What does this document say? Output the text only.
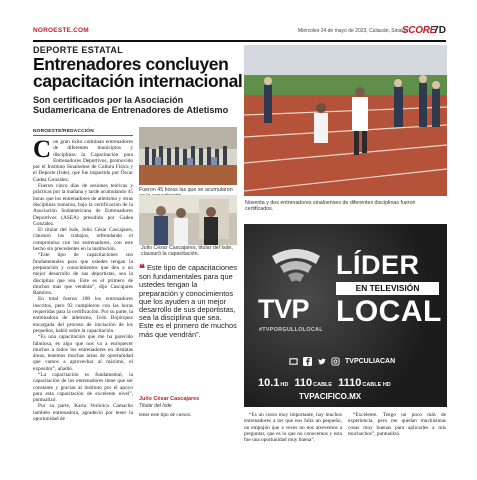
NOROESTE.COM	Miércoles 24 de mayo de 2023, Culiacán, Sinaloa
SCORE
7D
DEPORTE ESTATAL
Entrenadores concluyen capacitación internacional
Son certificados por la Asociación Sudamericana de Entrenadores de Atletismo
NOROESTE/REDACCIÓN
C on gran éxito culminan entrenadores de diferentes municipios y disciplinas la Capacitación para Entrenadores Deportivos, promovido por el Instituto Sinaloense de Cultura Física y el Deporte (Isde), que fue impartido por Óscar Gadea González.

Fueron cinco días de sesiones teóricas y prácticas por la mañana y tarde acumulando 45 horas que los entrenadores de atletismo y otras disciplinas tomaron, bajo la certificación de la Asociación Sudamericana de Entrenadores Deportivos (ASEA) presidida por Gadea González.

El titular del Isde, Julio César Cascajares, clausuró los trabajos, refrendando el compromiso con los entrenadores, con este hecho sin precedentes en la institución.

“Este tipo de capacitaciones son fundamentales para que ustedes tengan la preparación y conocimientos que den a un mejor desarrollo de sus deportistas, sea la disciplina que sea. Este es el primero de muchos más que vendrán”, dijo Cascajares Ramírez.

En total fueron 108 los entrenadores inscritos, pero 92 cumplieron con las horas requeridas para la certificación. Por su parte, la entrenadora de atletismo, Ivón Bojórquez encargada del proceso de iniciación de los pequeños, habló sobre la capacitación.

“Es una capacitación que me ha parecido fabulosa, es algo que nos va a enriquecer muchos a todos los entrenadores en distintas áreas, tenemos muchas áreas de oportunidad que vamos a aprovechar al máximo, el expositor”, añadió.

“La capacitación es fundamental, la capacitación de los entrenadores tiene que ser constante y gracias al instituto por el apoyo para esta capacitación de excelente nivel”, puntualizó.

Por su parte, Karla Verónica Camacho también entrenadora, agradeció por tener la oportunidad de

Fueron 45 horas las que se acumularon
Julio César Cascajares, titular del Isde, clausuró la capacitación.
❝ Este tipo de capacitaciones son fundamentales para que ustedes tengan la preparación y conocimientos que los ayuden a un mejor desarrollo de sus deportistas, sea la disciplina que sea. Este es el primero de muchos más que vendrán”.
Julio César Cascajares
Titular del Isde

tener este tipo de cursos.	“Es un curso muy importante, hay muchos entrenadores a los que nos falta un pequeño, un empujón que a veces no nos atrevemos a preguntar, que es lo que no conocemos y esta fue una oportunidad muy buena”.

“Excelente. Tengo un poco más de experiencia, pero me quedan muchísimas cosas muy buenas para aplicarles a mis muchachos”, puntualizó.

Noventa y dos entrenadores sinaloenses de diferentes disciplinas fueron certificados.
TVP
#TVPORGULLOLOCAL
LÍDER
EN TELEVISIÓN
LOCAL
TVPCULIACAN
10.1HD 110CABLE 1110CABLE HD
TVPACIFICO.MX
